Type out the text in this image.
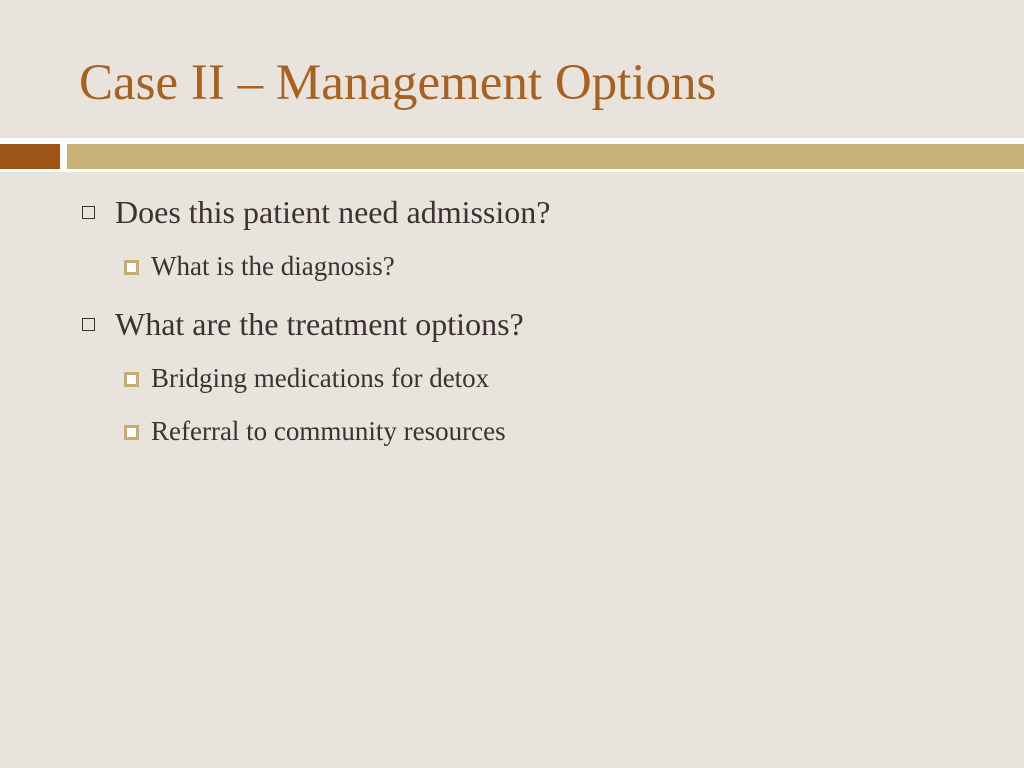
Case II – Management Options
Does this patient need admission?
What is the diagnosis?
What are the treatment options?
Bridging medications for detox
Referral to community resources
